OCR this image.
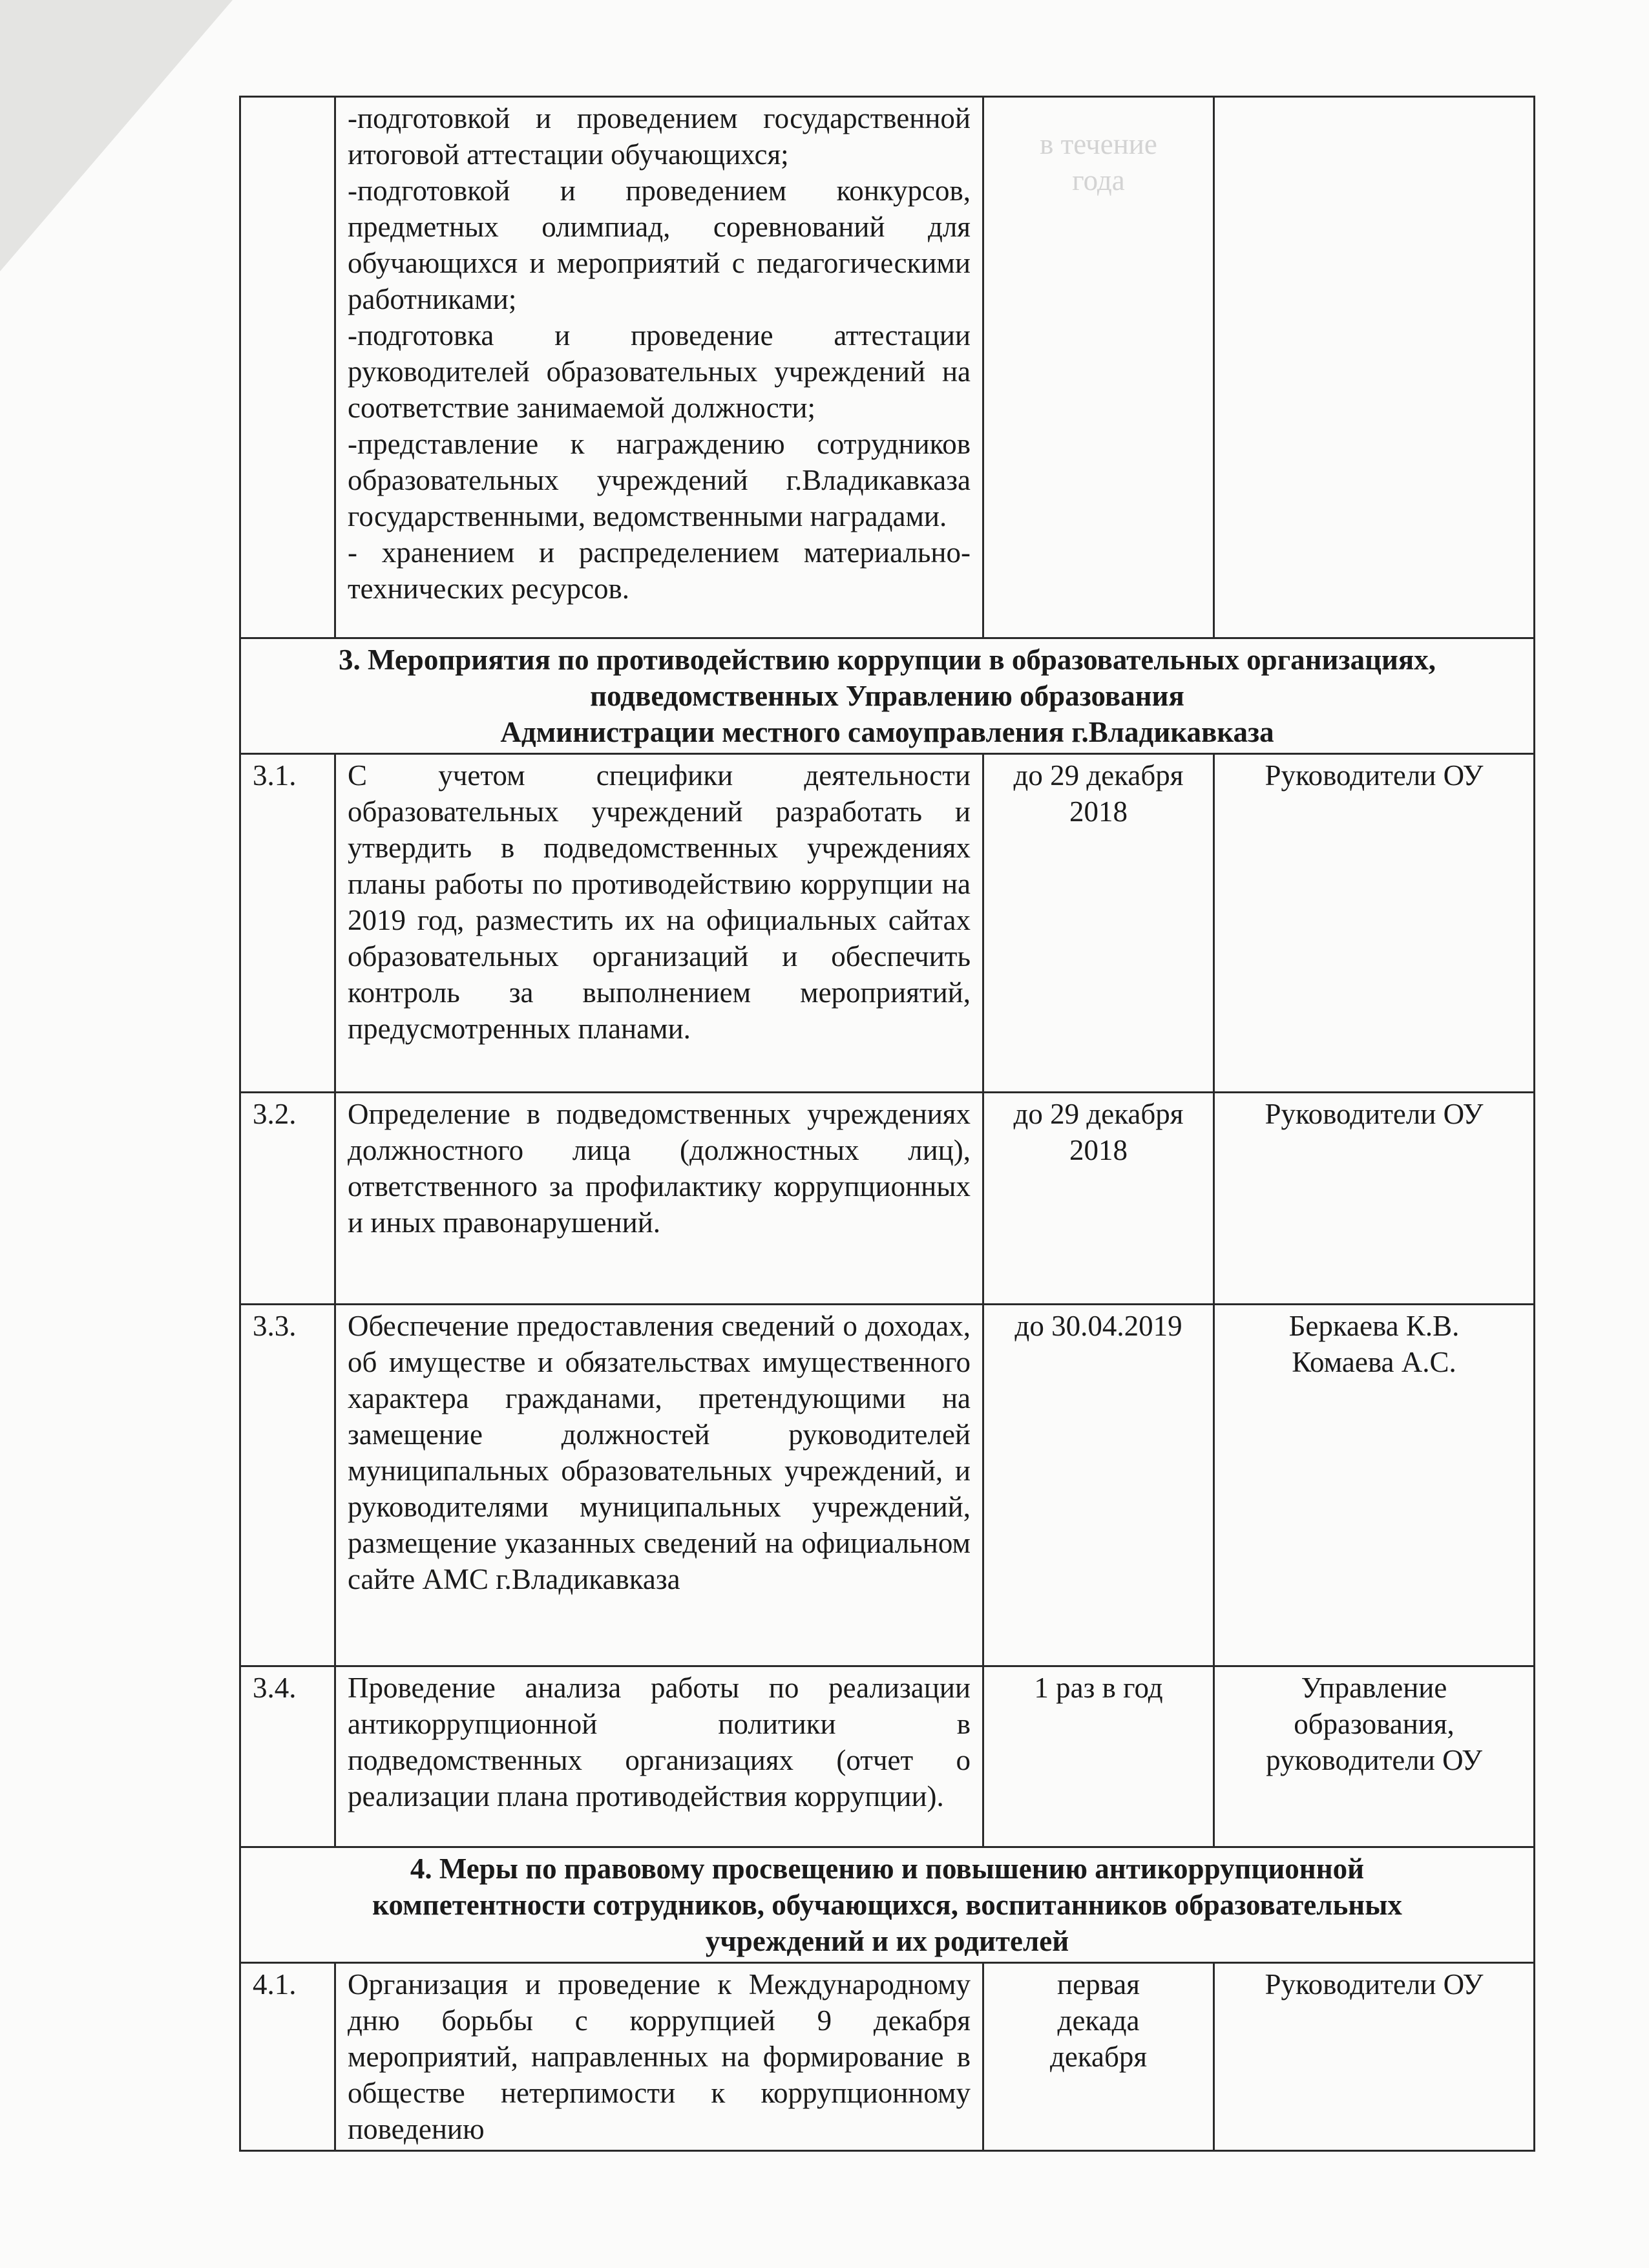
	-подготовкой и проведением государственной итоговой аттестации обучающихся;
-подготовкой и проведением конкурсов, предметных олимпиад, соревнований для обучающихся и мероприятий с педагогическими работниками;
-подготовка и проведение аттестации руководителей образовательных учреждений на соответствие занимаемой должности;
-представление к награждению сотрудников образовательных учреждений г.Владикавказа государственными, ведомственными наградами.
- хранением и распределением материально-технических ресурсов.	в течение
года	

3. Мероприятия по противодействию коррупции в образовательных организациях,
подведомственных Управлению образования
Администрации местного самоуправления г.Владикавказа			

3.1.	С учетом специфики деятельности образовательных учреждений разработать и утвердить в подведомственных учреждениях планы работы по противодействию коррупции на 2019 год, разместить их на официальных сайтах образовательных организаций и обеспечить контроль за выполнением мероприятий, предусмотренных планами.	до 29 декабря 2018	Руководители ОУ
3.2.	Определение в подведомственных учреждениях должностного лица (должностных лиц), ответственного за профилактику коррупционных и иных правонарушений.	до 29 декабря 2018	Руководители ОУ
3.3.	Обеспечение предоставления сведений о доходах, об имуществе и обязательствах имущественного характера гражданами, претендующими на замещение должностей руководителей муниципальных образовательных учреждений, и руководителями муниципальных учреждений, размещение указанных сведений на официальном сайте АМС г.Владикавказа	до 30.04.2019	Беркаева К.В.
Комаева А.С.

3.4.	Проведение анализа работы по реализации антикоррупционной политики в подведомственных организациях (отчет о реализации плана противодействия коррупции).	1 раз в год	Управление
образования,
руководители ОУ

4. Меры по правовому просвещению и повышению антикоррупционной
компетентности сотрудников, обучающихся, воспитанников образовательных
учреждений и их родителей			

4.1.	Организация и проведение к Международному дню борьбы с коррупцией 9 декабря мероприятий, направленных на формирование в обществе нетерпимости к коррупционному поведению	первая
декада
декабря	Руководители ОУ
